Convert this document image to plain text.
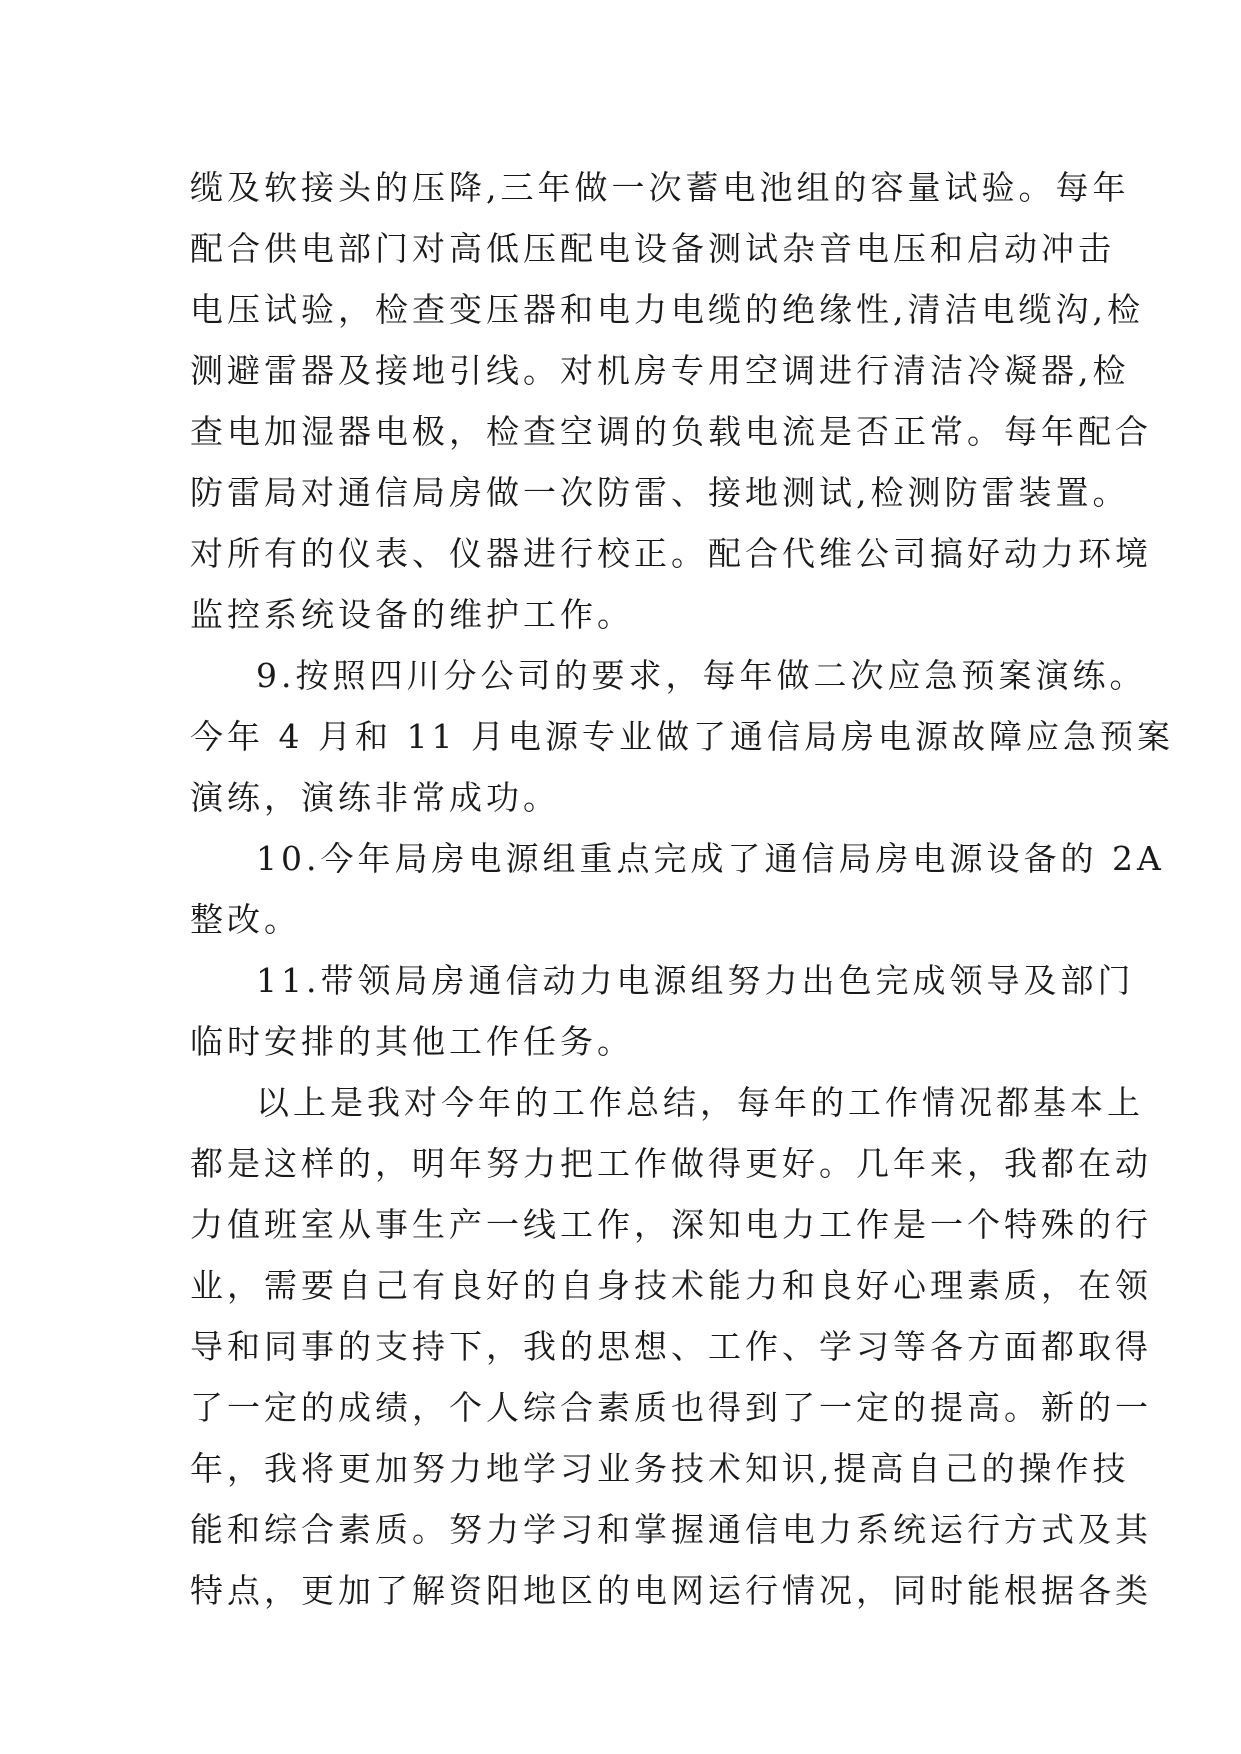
缆及软接头的压降,三年做一次蓄电池组的容量试验。每年
配合供电部门对高低压配电设备测试杂音电压和启动冲击
电压试验，检查变压器和电力电缆的绝缘性,清洁电缆沟,检
测避雷器及接地引线。对机房专用空调进行清洁冷凝器,检
查电加湿器电极，检查空调的负载电流是否正常。每年配合
防雷局对通信局房做一次防雷、接地测试,检测防雷装置。
对所有的仪表、仪器进行校正。配合代维公司搞好动力环境
监控系统设备的维护工作。

9.按照四川分公司的要求，每年做二次应急预案演练。
今年 4 月和 11 月电源专业做了通信局房电源故障应急预案
演练，演练非常成功。

10.今年局房电源组重点完成了通信局房电源设备的 2A
整改。

11.带领局房通信动力电源组努力出色完成领导及部门
临时安排的其他工作任务。

以上是我对今年的工作总结，每年的工作情况都基本上
都是这样的，明年努力把工作做得更好。几年来，我都在动
力值班室从事生产一线工作，深知电力工作是一个特殊的行
业，需要自己有良好的自身技术能力和良好心理素质，在领
导和同事的支持下，我的思想、工作、学习等各方面都取得
了一定的成绩，个人综合素质也得到了一定的提高。新的一
年，我将更加努力地学习业务技术知识,提高自己的操作技
能和综合素质。努力学习和掌握通信电力系统运行方式及其
特点，更加了解资阳地区的电网运行情况，同时能根据各类
